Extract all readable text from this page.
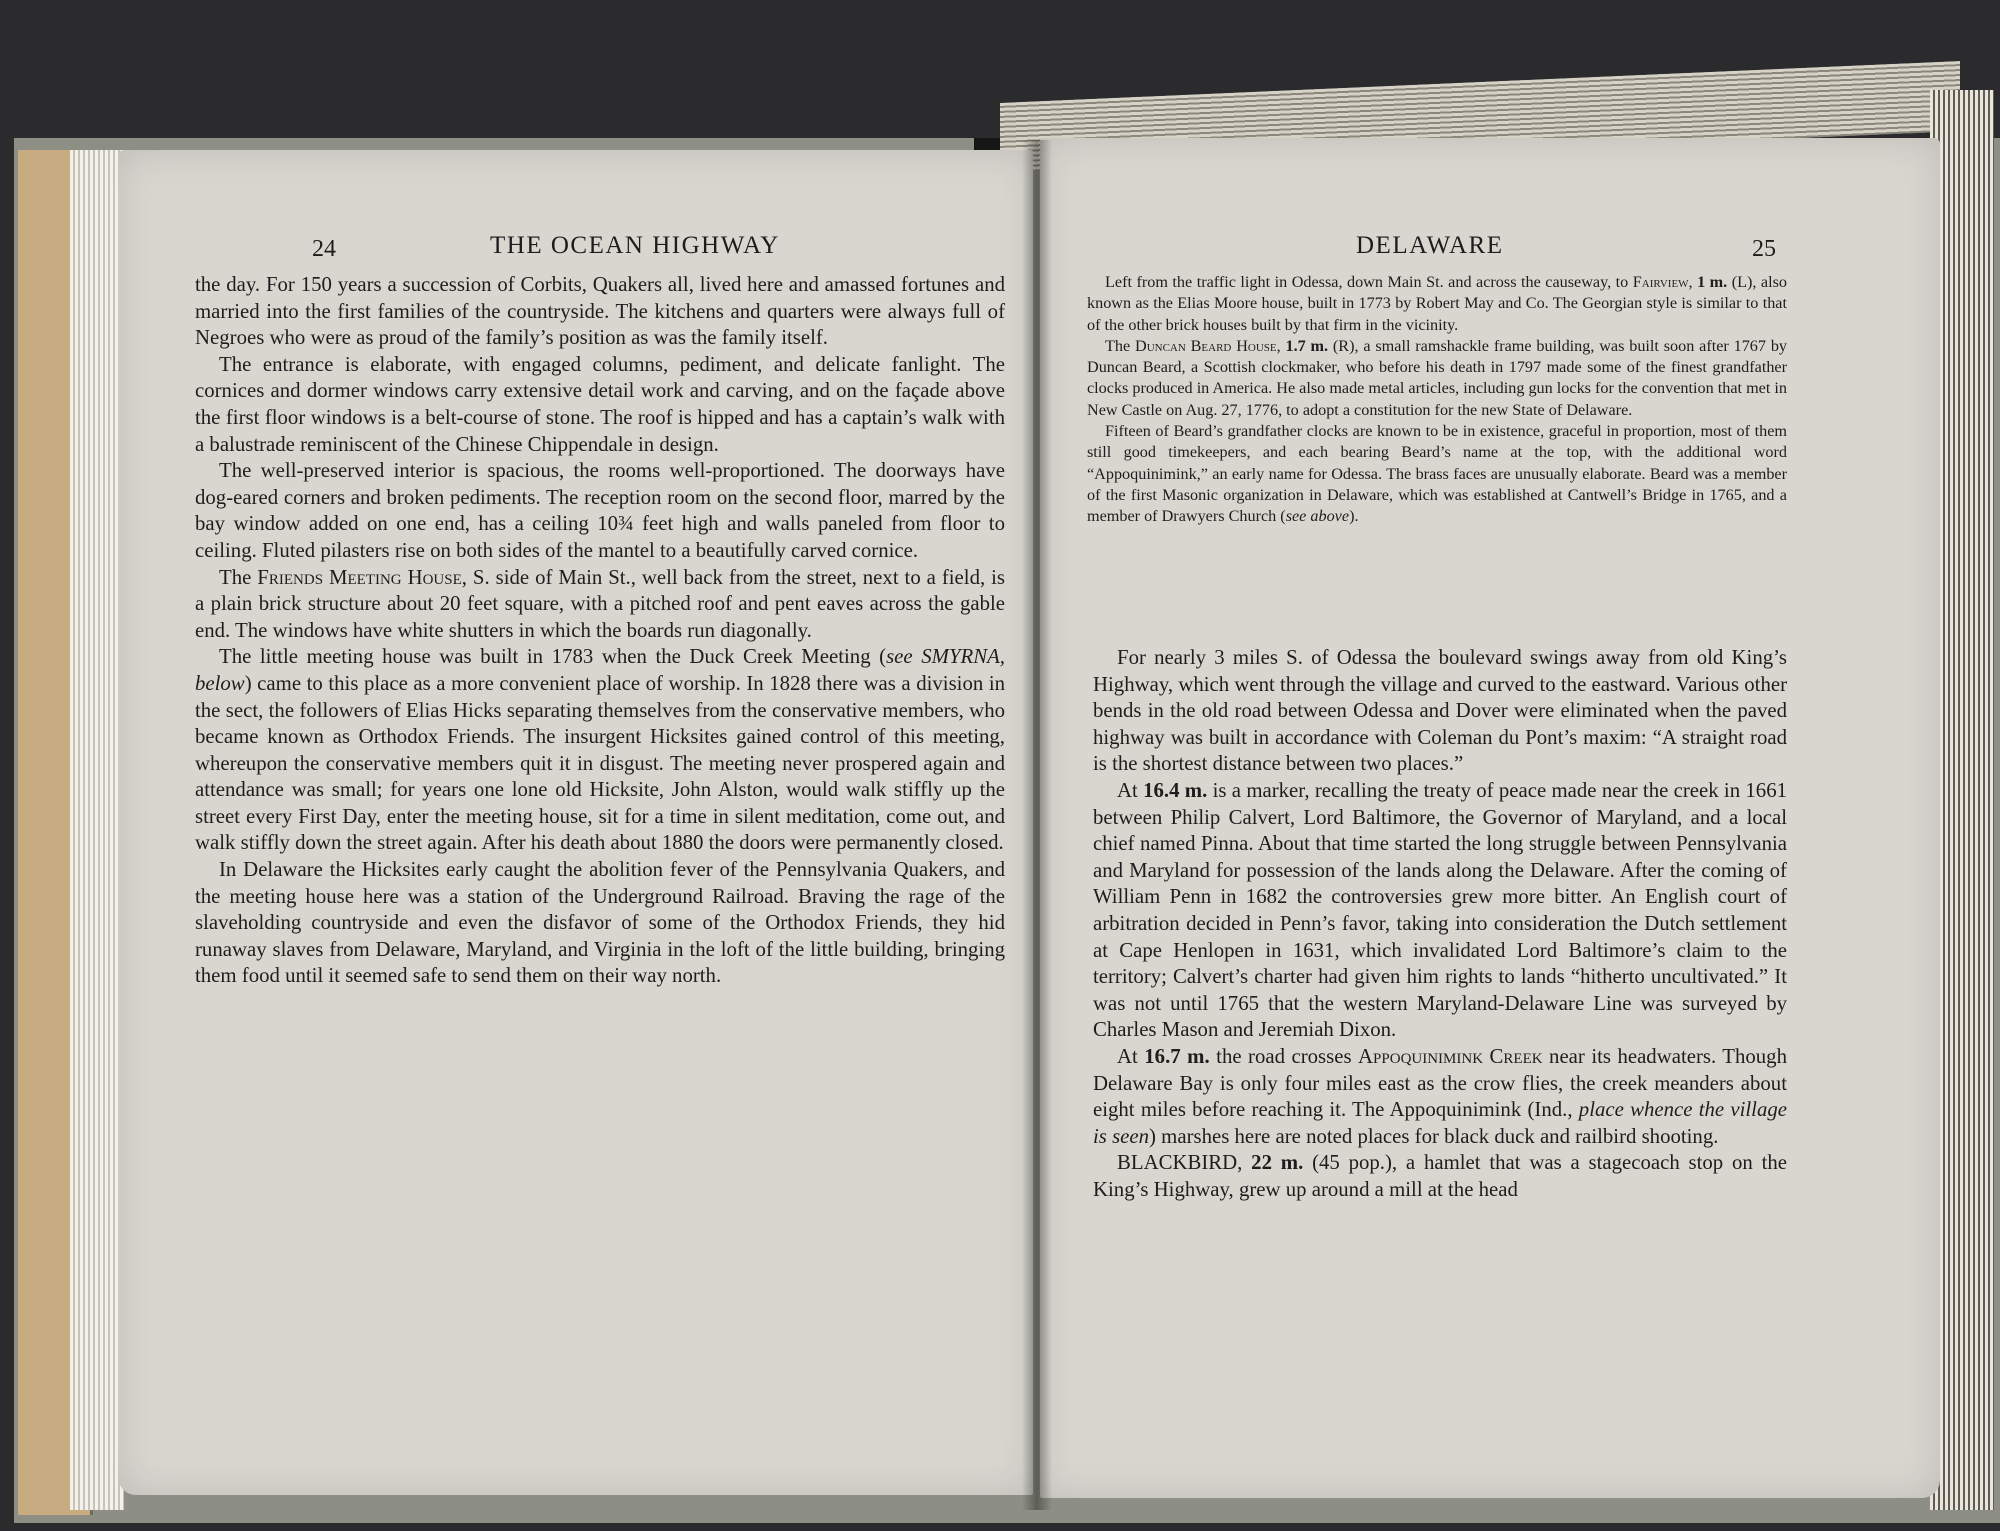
24	THE OCEAN HIGHWAY	DELAWARE	25

the day. For 150 years a succession of Corbits, Quakers all, lived here and amassed fortunes and married into the first families of the countryside. The kitchens and quarters were always full of Negroes who were as proud of the family’s position as was the family itself.

The entrance is elaborate, with engaged columns, pediment, and delicate fanlight. The cornices and dormer windows carry extensive detail work and carving, and on the façade above the first floor windows is a belt-course of stone. The roof is hipped and has a captain’s walk with a balustrade reminiscent of the Chinese Chippendale in design.

The well-preserved interior is spacious, the rooms well-proportioned. The doorways have dog-eared corners and broken pediments. The reception room on the second floor, marred by the bay window added on one end, has a ceiling 10¾ feet high and walls paneled from floor to ceiling. Fluted pilasters rise on both sides of the mantel to a beautifully carved cornice.

The Friends Meeting House, S. side of Main St., well back from the street, next to a field, is a plain brick structure about 20 feet square, with a pitched roof and pent eaves across the gable end. The windows have white shutters in which the boards run diagonally.

The little meeting house was built in 1783 when the Duck Creek Meeting (see SMYRNA, below) came to this place as a more convenient place of worship. In 1828 there was a division in the sect, the followers of Elias Hicks separating themselves from the conservative members, who became known as Orthodox Friends. The insurgent Hicksites gained control of this meeting, whereupon the conservative members quit it in disgust. The meeting never prospered again and attendance was small; for years one lone old Hicksite, John Alston, would walk stiffly up the street every First Day, enter the meeting house, sit for a time in silent meditation, come out, and walk stiffly down the street again. After his death about 1880 the doors were permanently closed.

In Delaware the Hicksites early caught the abolition fever of the Pennsylvania Quakers, and the meeting house here was a station of the Underground Railroad. Braving the rage of the slaveholding countryside and even the disfavor of some of the Orthodox Friends, they hid runaway slaves from Delaware, Maryland, and Virginia in the loft of the little building, bringing them food until it seemed safe to send them on their way north.

Left from the traffic light in Odessa, down Main St. and across the causeway, to Fairview, 1 m. (L), also known as the Elias Moore house, built in 1773 by Robert May and Co. The Georgian style is similar to that of the other brick houses built by that firm in the vicinity.

The Duncan Beard House, 1.7 m. (R), a small ramshackle frame building, was built soon after 1767 by Duncan Beard, a Scottish clockmaker, who before his death in 1797 made some of the finest grandfather clocks produced in America. He also made metal articles, including gun locks for the convention that met in New Castle on Aug. 27, 1776, to adopt a constitution for the new State of Delaware.

Fifteen of Beard’s grandfather clocks are known to be in existence, graceful in proportion, most of them still good timekeepers, and each bearing Beard’s name at the top, with the additional word “Appoquinimink,” an early name for Odessa. The brass faces are unusually elaborate. Beard was a member of the first Masonic organization in Delaware, which was established at Cantwell’s Bridge in 1765, and a member of Drawyers Church (see above).

For nearly 3 miles S. of Odessa the boulevard swings away from old King’s Highway, which went through the village and curved to the eastward. Various other bends in the old road between Odessa and Dover were eliminated when the paved highway was built in accordance with Coleman du Pont’s maxim: “A straight road is the shortest distance between two places.”

At 16.4 m. is a marker, recalling the treaty of peace made near the creek in 1661 between Philip Calvert, Lord Baltimore, the Governor of Maryland, and a local chief named Pinna. About that time started the long struggle between Pennsylvania and Maryland for possession of the lands along the Delaware. After the coming of William Penn in 1682 the controversies grew more bitter. An English court of arbitration decided in Penn’s favor, taking into consideration the Dutch settlement at Cape Henlopen in 1631, which invalidated Lord Baltimore’s claim to the territory; Calvert’s charter had given him rights to lands “hitherto uncultivated.” It was not until 1765 that the western Maryland-Delaware Line was surveyed by Charles Mason and Jeremiah Dixon.

At 16.7 m. the road crosses Appoquinimink Creek near its headwaters. Though Delaware Bay is only four miles east as the crow flies, the creek meanders about eight miles before reaching it. The Appoquinimink (Ind., place whence the village is seen) marshes here are noted places for black duck and railbird shooting.

BLACKBIRD, 22 m. (45 pop.), a hamlet that was a stagecoach stop on the King’s Highway, grew up around a mill at the head
